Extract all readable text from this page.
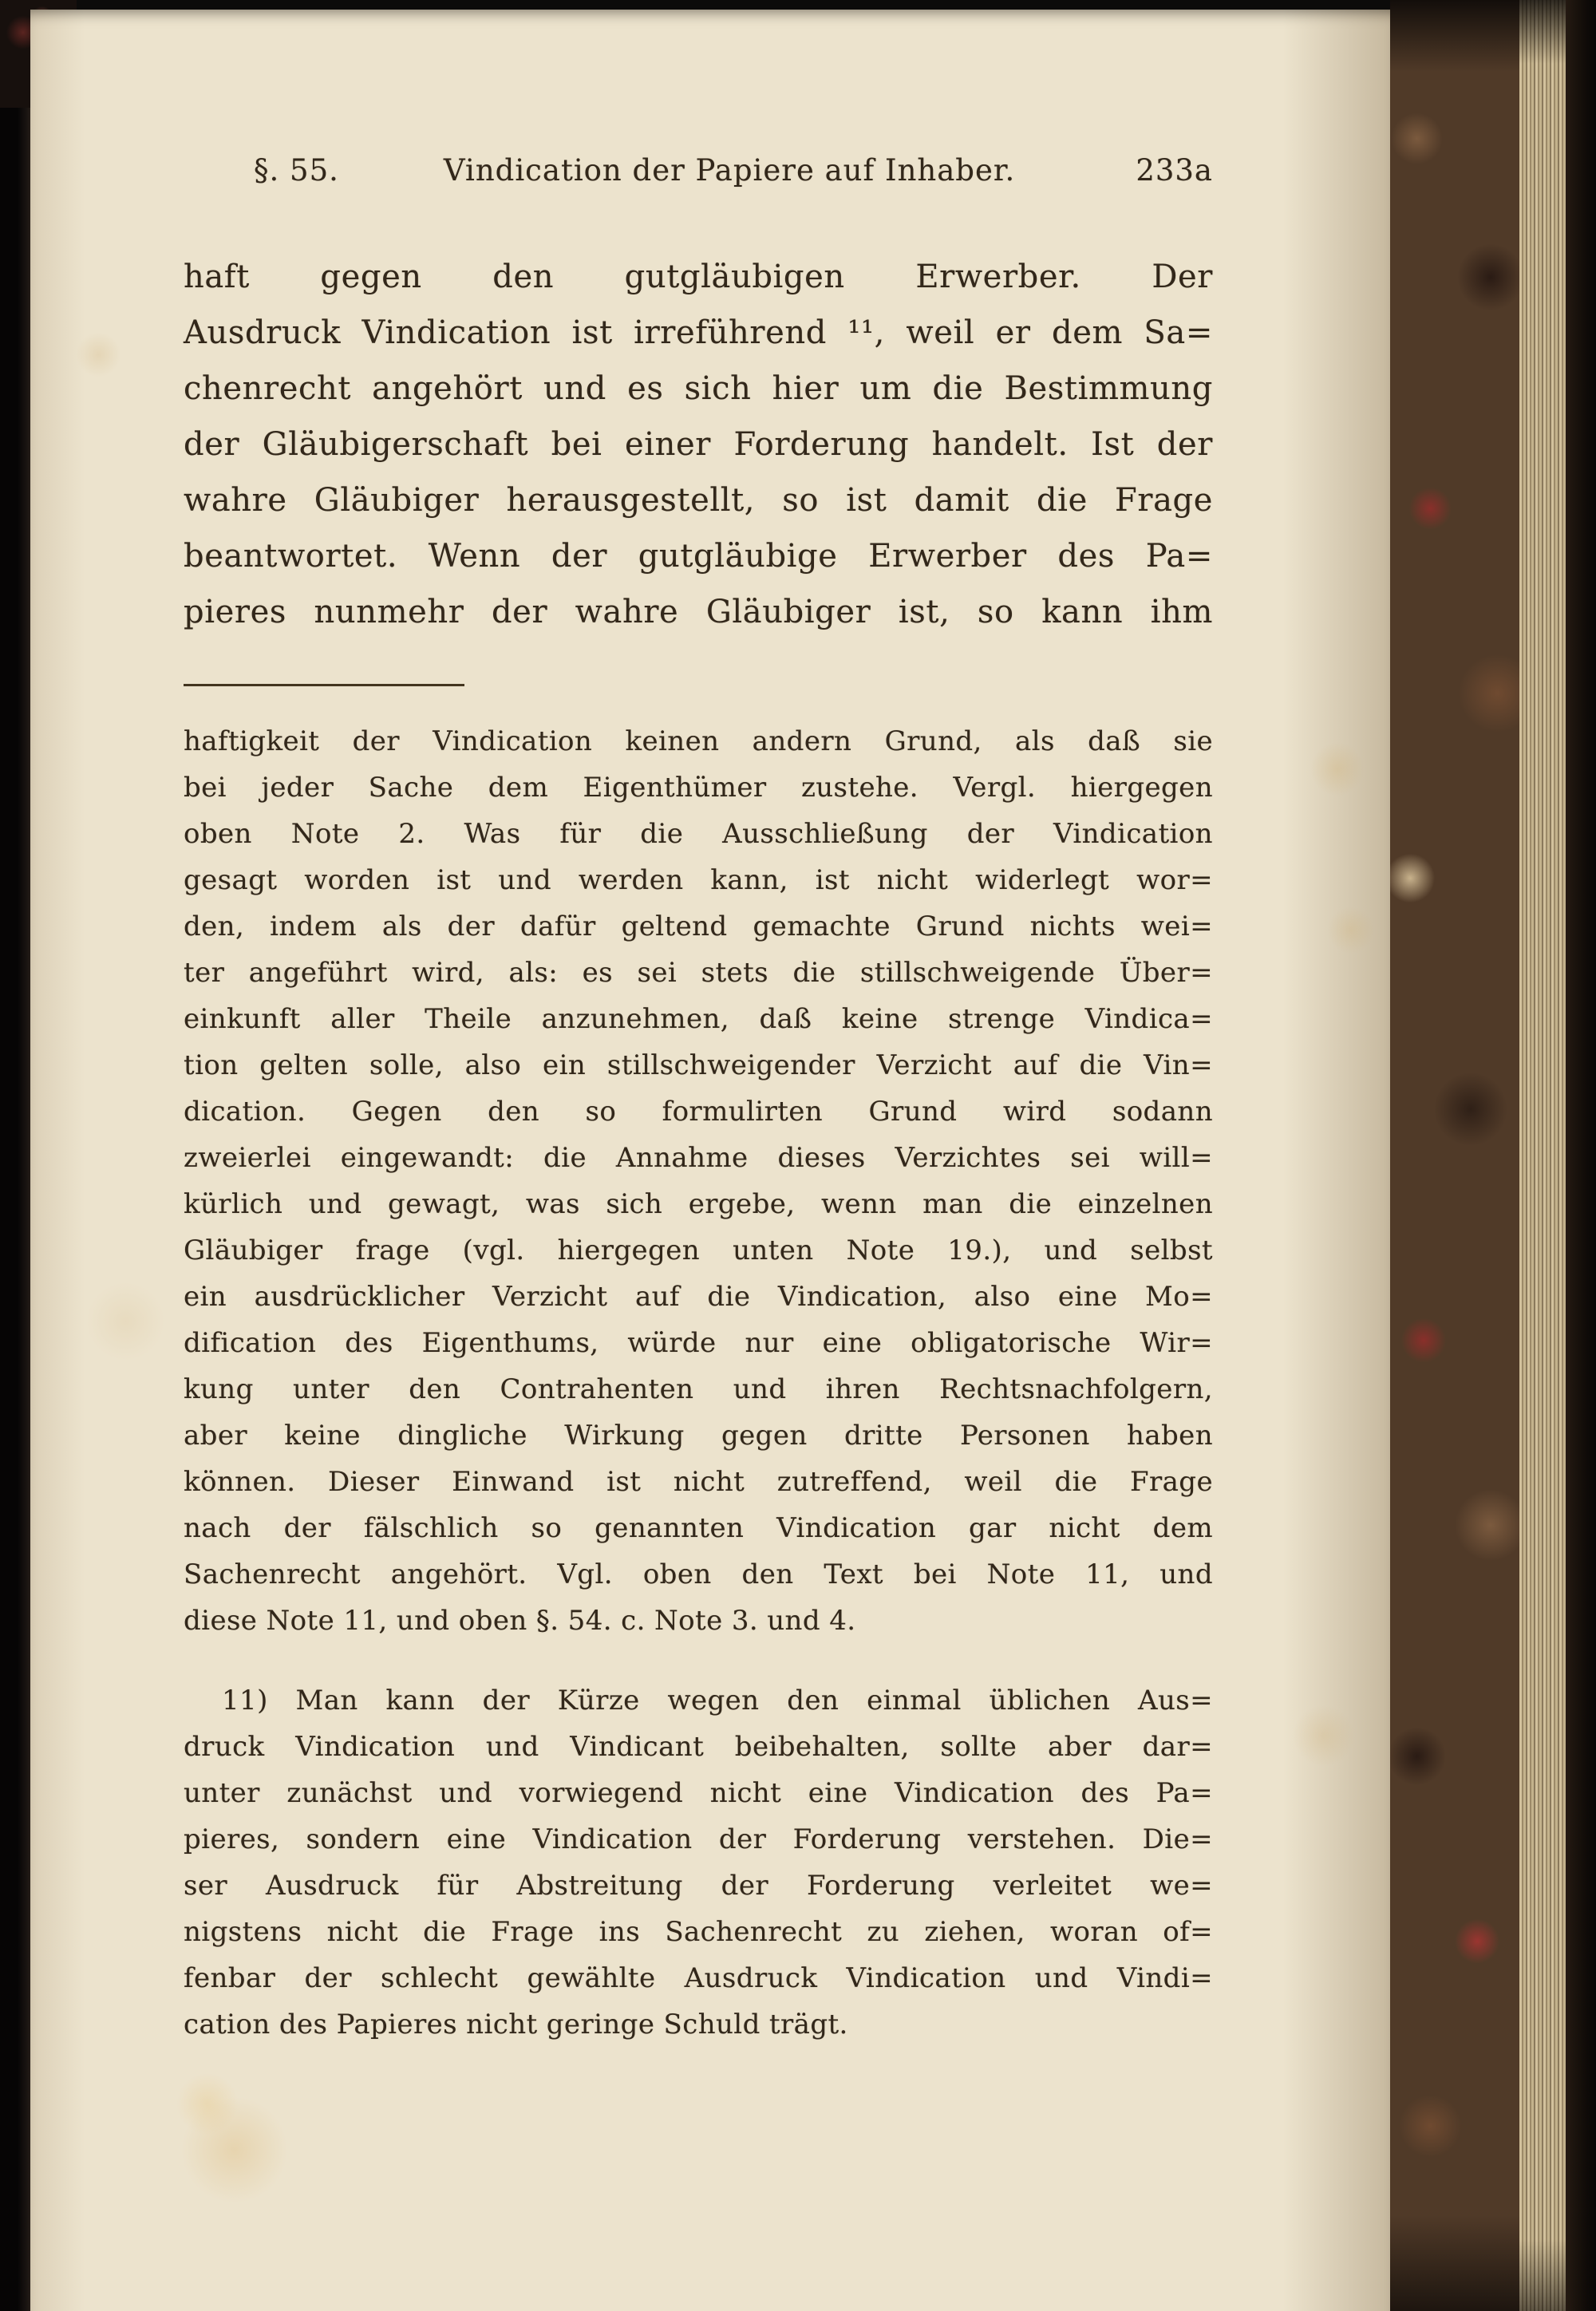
§. 55.	Vindication der Papiere auf Inhaber.	233a
haft gegen den gutgläubigen Erwerber. Der
Ausdruck Vindication ist irreführend ¹¹, weil er dem Sa=
chenrecht angehört und es sich hier um die Bestimmung
der Gläubigerschaft bei einer Forderung handelt. Ist der
wahre Gläubiger herausgestellt, so ist damit die Frage
beantwortet. Wenn der gutgläubige Erwerber des Pa=
pieres nunmehr der wahre Gläubiger ist, so kann ihm
haftigkeit der Vindication keinen andern Grund, als daß sie
bei jeder Sache dem Eigenthümer zustehe. Vergl. hiergegen
oben Note 2. Was für die Ausschließung der Vindication
gesagt worden ist und werden kann, ist nicht widerlegt wor=
den, indem als der dafür geltend gemachte Grund nichts wei=
ter angeführt wird, als: es sei stets die stillschweigende Über=
einkunft aller Theile anzunehmen, daß keine strenge Vindica=
tion gelten solle, also ein stillschweigender Verzicht auf die Vin=
dication. Gegen den so formulirten Grund wird sodann
zweierlei eingewandt: die Annahme dieses Verzichtes sei will=
kürlich und gewagt, was sich ergebe, wenn man die einzelnen
Gläubiger frage (vgl. hiergegen unten Note 19.), und selbst
ein ausdrücklicher Verzicht auf die Vindication, also eine Mo=
dification des Eigenthums, würde nur eine obligatorische Wir=
kung unter den Contrahenten und ihren Rechtsnachfolgern,
aber keine dingliche Wirkung gegen dritte Personen haben
können. Dieser Einwand ist nicht zutreffend, weil die Frage
nach der fälschlich so genannten Vindication gar nicht dem
Sachenrecht angehört. Vgl. oben den Text bei Note 11, und
diese Note 11, und oben §. 54. c. Note 3. und 4.
11) Man kann der Kürze wegen den einmal üblichen Aus=
druck Vindication und Vindicant beibehalten, sollte aber dar=
unter zunächst und vorwiegend nicht eine Vindication des Pa=
pieres, sondern eine Vindication der Forderung verstehen. Die=
ser Ausdruck für Abstreitung der Forderung verleitet we=
nigstens nicht die Frage ins Sachenrecht zu ziehen, woran of=
fenbar der schlecht gewählte Ausdruck Vindication und Vindi=
cation des Papieres nicht geringe Schuld trägt.
